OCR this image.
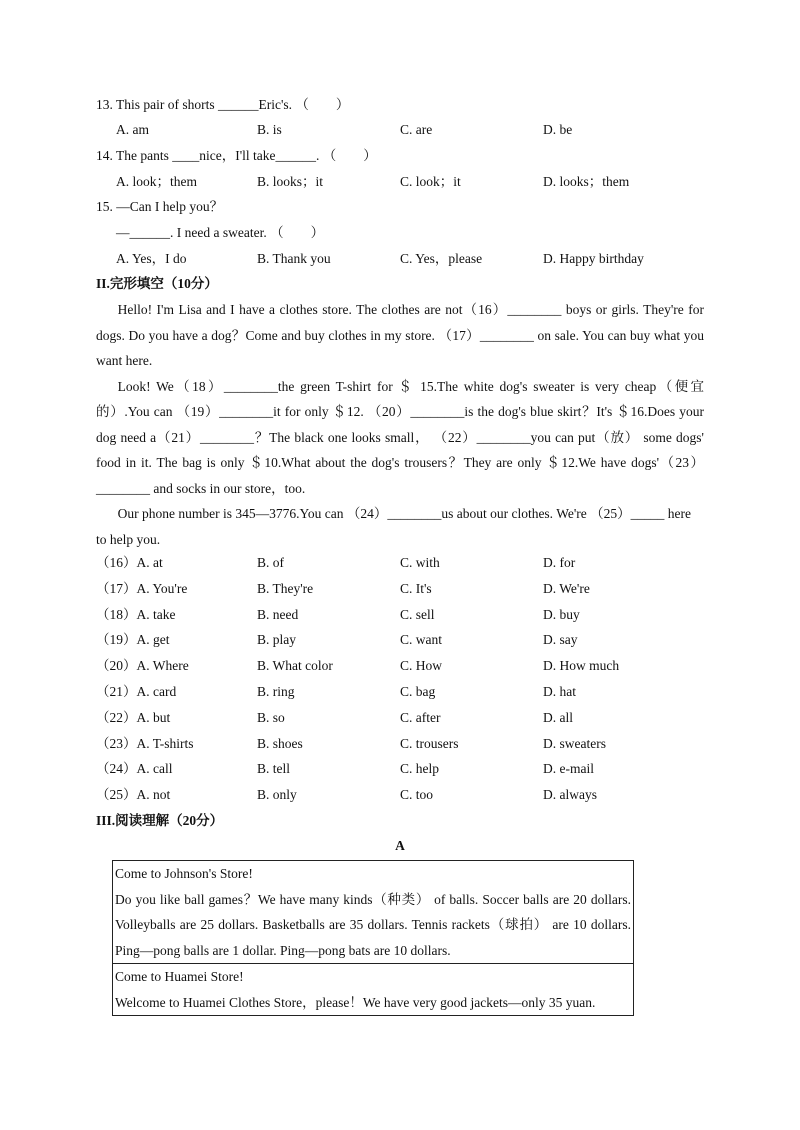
13. This pair of shorts ______Eric's. （　　）
A. am	B. is	C. are	D. be
14. The pants ____nice，I'll take______. （　　）
A. look；them	B. looks；it	C. look；it	D. looks；them
15. —Can I help you？
—______. I need a sweater. （　　）
A. Yes，I do	B. Thank you	C. Yes，please	D. Happy birthday
II.完形填空（10分）

Hello! I'm Lisa and I have a clothes store. The clothes are not（16）________ boys or girls. They're for dogs. Do you have a dog？Come and buy clothes in my store. （17）________ on sale. You can buy what you want here.

Look! We（18）________the green T-shirt for ＄ 15.The white dog's sweater is very cheap（便宜的）.You can （19）________it for only ＄12. （20）________is the dog's blue skirt？It's ＄16.Does your dog need a（21）________？The black one looks small， （22）________you can put（放） some dogs' food in it. The bag is only ＄10.What about the dog's trousers？They are only ＄12.We have dogs'（23）________ and socks in our store，too.

Our phone number is 345—3776.You can （24）________us about our clothes. We're （25）_____ here to help you.

（16）A. at	B. of	C. with	D. for
（17）A. You're	B. They're	C. It's	D. We're
（18）A. take	B. need	C. sell	D. buy
（19）A. get	B. play	C. want	D. say
（20）A. Where	B. What color	C. How	D. How much
（21）A. card	B. ring	C. bag	D. hat
（22）A. but	B. so	C. after	D. all
（23）A. T-shirts	B. shoes	C. trousers	D. sweaters
（24）A. call	B. tell	C. help	D. e-mail
（25）A. not	B. only	C. too	D. always
III.阅读理解（20分）
A
Come to Johnson's Store!
Do you like ball games？We have many kinds（种类） of balls. Soccer balls are 20 dollars. Volleyballs are 25 dollars. Basketballs are 35 dollars. Tennis rackets（球拍） are 10 dollars. Ping—pong balls are 1 dollar. Ping—pong bats are 10 dollars.
Come to Huamei Store!
Welcome to Huamei Clothes Store，please！We have very good jackets—only 35 yuan.
